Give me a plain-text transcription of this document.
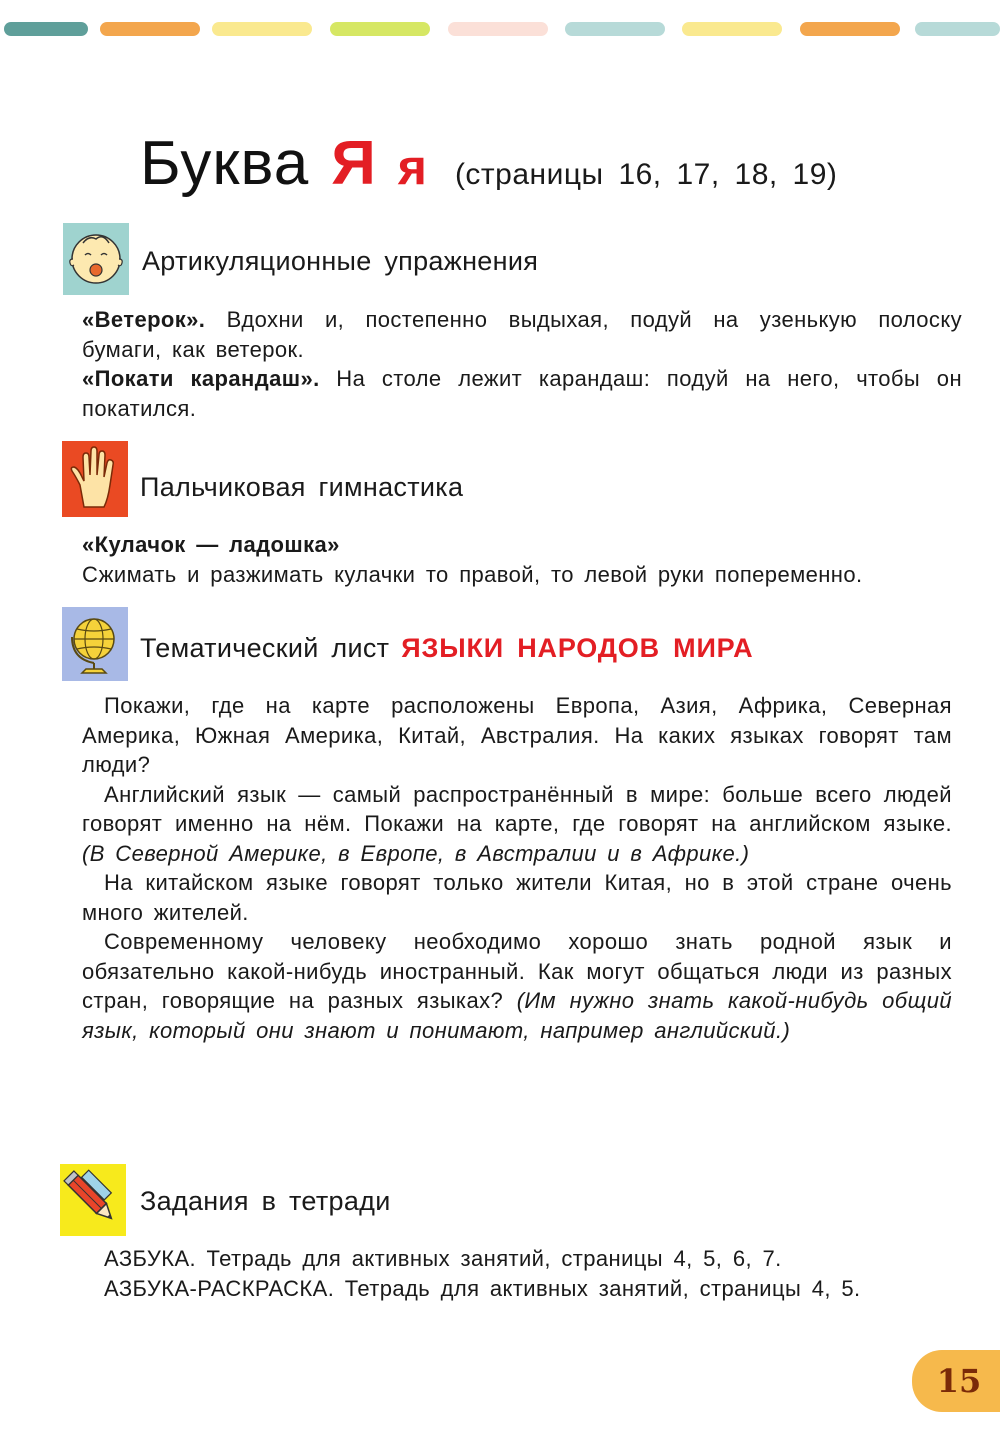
Буква Я я (страницы 16, 17, 18, 19)
Артикуляционные упражнения

«Ветерок». Вдохни и, постепенно выдыхая, подуй на узенькую полоску бумаги, как ветерок.

«Покати карандаш». На столе лежит карандаш: подуй на него, чтобы он покатился.

Пальчиковая гимнастика

«Кулачок — ладошка»

Сжимать и разжимать кулачки то правой, то левой руки попеременно.

Тематический лист ЯЗЫКИ НАРОДОВ МИРА

Покажи, где на карте расположены Европа, Азия, Африка, Северная Америка, Южная Америка, Китай, Австралия. На каких языках говорят там люди?

Английский язык — самый распространённый в мире: больше всего людей говорят именно на нём. Покажи на карте, где говорят на английском языке. (В Северной Америке, в Европе, в Австралии и в Африке.)

На китайском языке говорят только жители Китая, но в этой стране очень много жителей.

Современному человеку необходимо хорошо знать родной язык и обязательно какой-нибудь иностранный. Как могут общаться люди из разных стран, говорящие на разных языках? (Им нужно знать какой-нибудь общий язык, который они знают и понимают, например английский.)

Задания в тетради

АЗБУКА. Тетрадь для активных занятий, страницы 4, 5, 6, 7.

АЗБУКА-РАСКРАСКА. Тетрадь для активных занятий, страницы 4, 5.

15
